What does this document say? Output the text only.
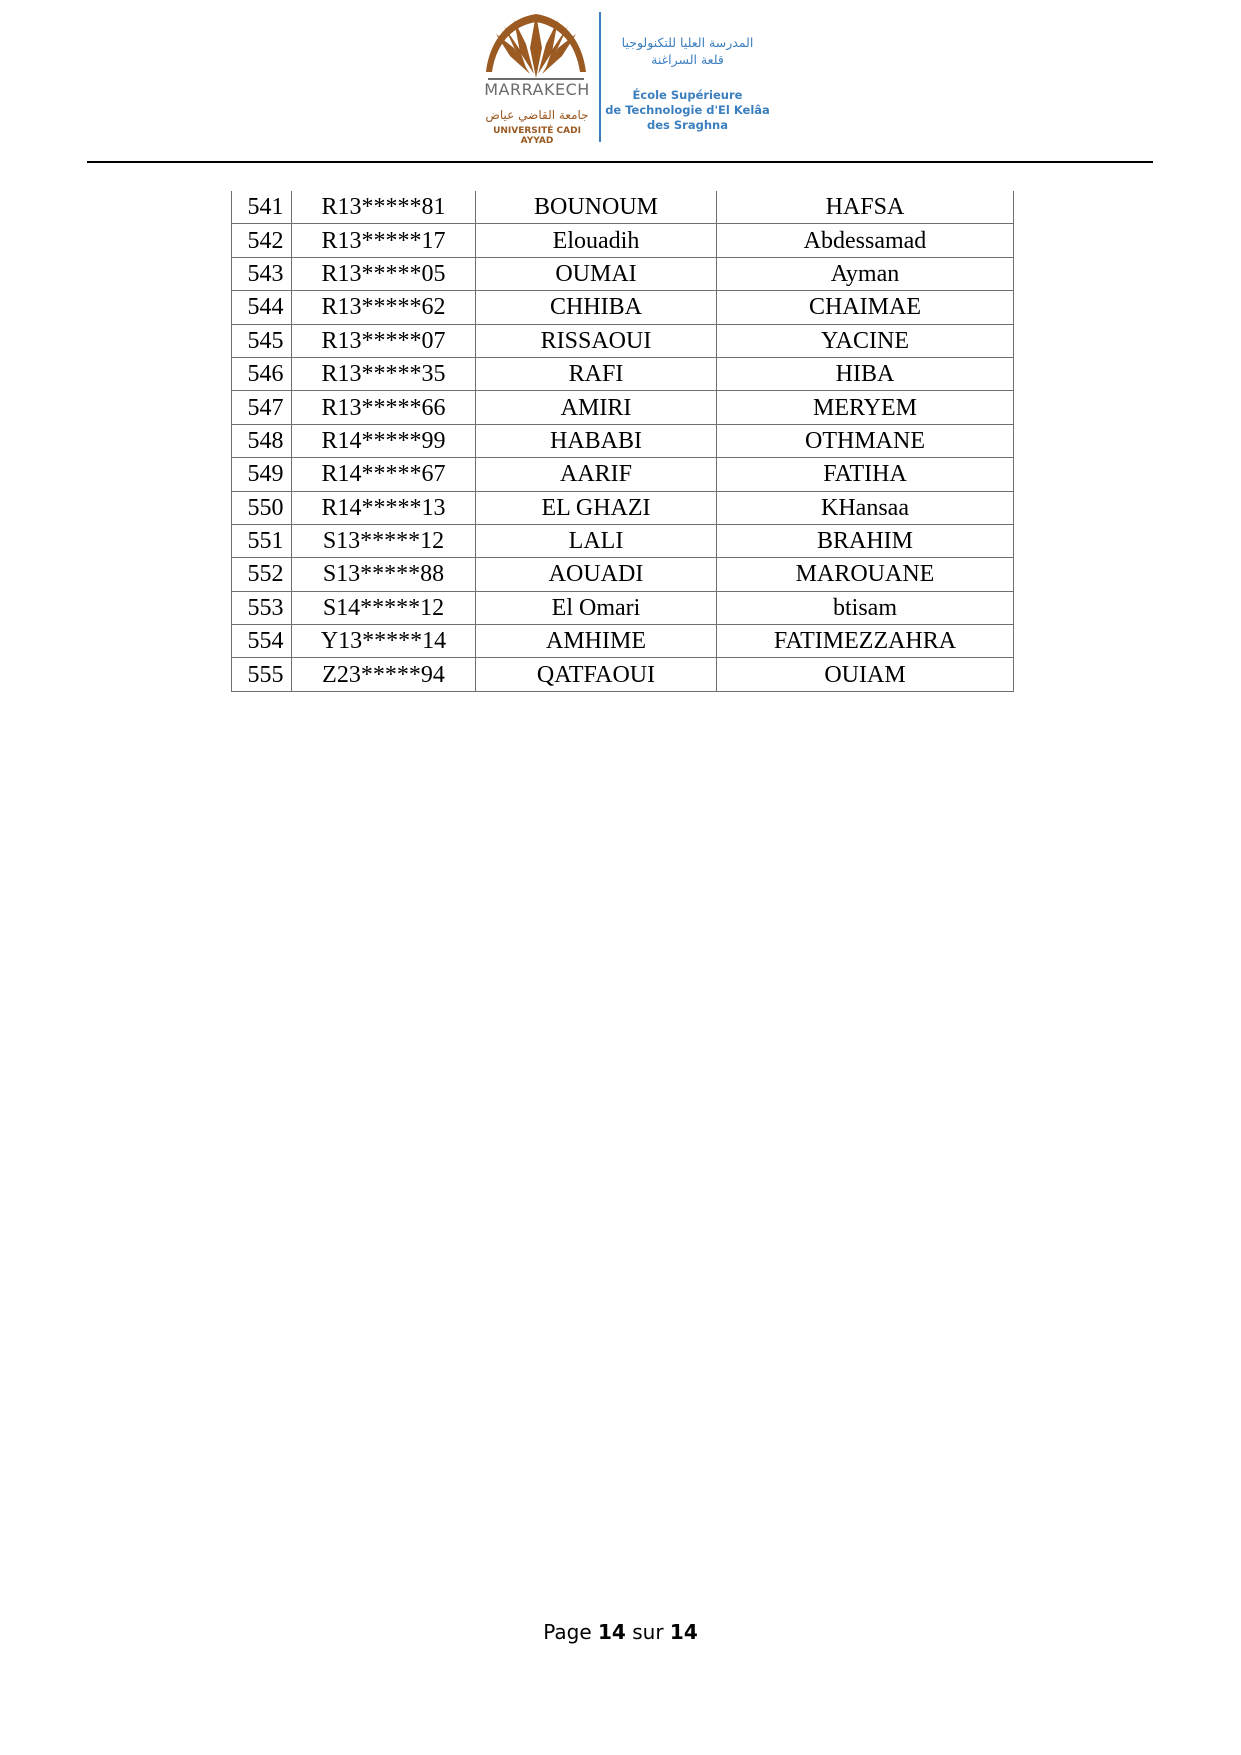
MARRAKECH
جامعة القاضي عياض
UNIVERSITÉ CADI AYYAD
المدرسة العليا للتكنولوجيا
قلعة السراغنة
École Supérieure
de Technologie d'El Kelâa
des Sraghna
541	R13*****81	BOUNOUM	HAFSA
542	R13*****17	Elouadih	Abdessamad
543	R13*****05	OUMAI	Ayman
544	R13*****62	CHHIBA	CHAIMAE
545	R13*****07	RISSAOUI	YACINE
546	R13*****35	RAFI	HIBA
547	R13*****66	AMIRI	MERYEM
548	R14*****99	HABABI	OTHMANE
549	R14*****67	AARIF	FATIHA
550	R14*****13	EL GHAZI	KHansaa
551	S13*****12	LALI	BRAHIM
552	S13*****88	AOUADI	MAROUANE
553	S14*****12	El Omari	btisam
554	Y13*****14	AMHIME	FATIMEZZAHRA
555	Z23*****94	QATFAOUI	OUIAM
Page 14 sur 14
